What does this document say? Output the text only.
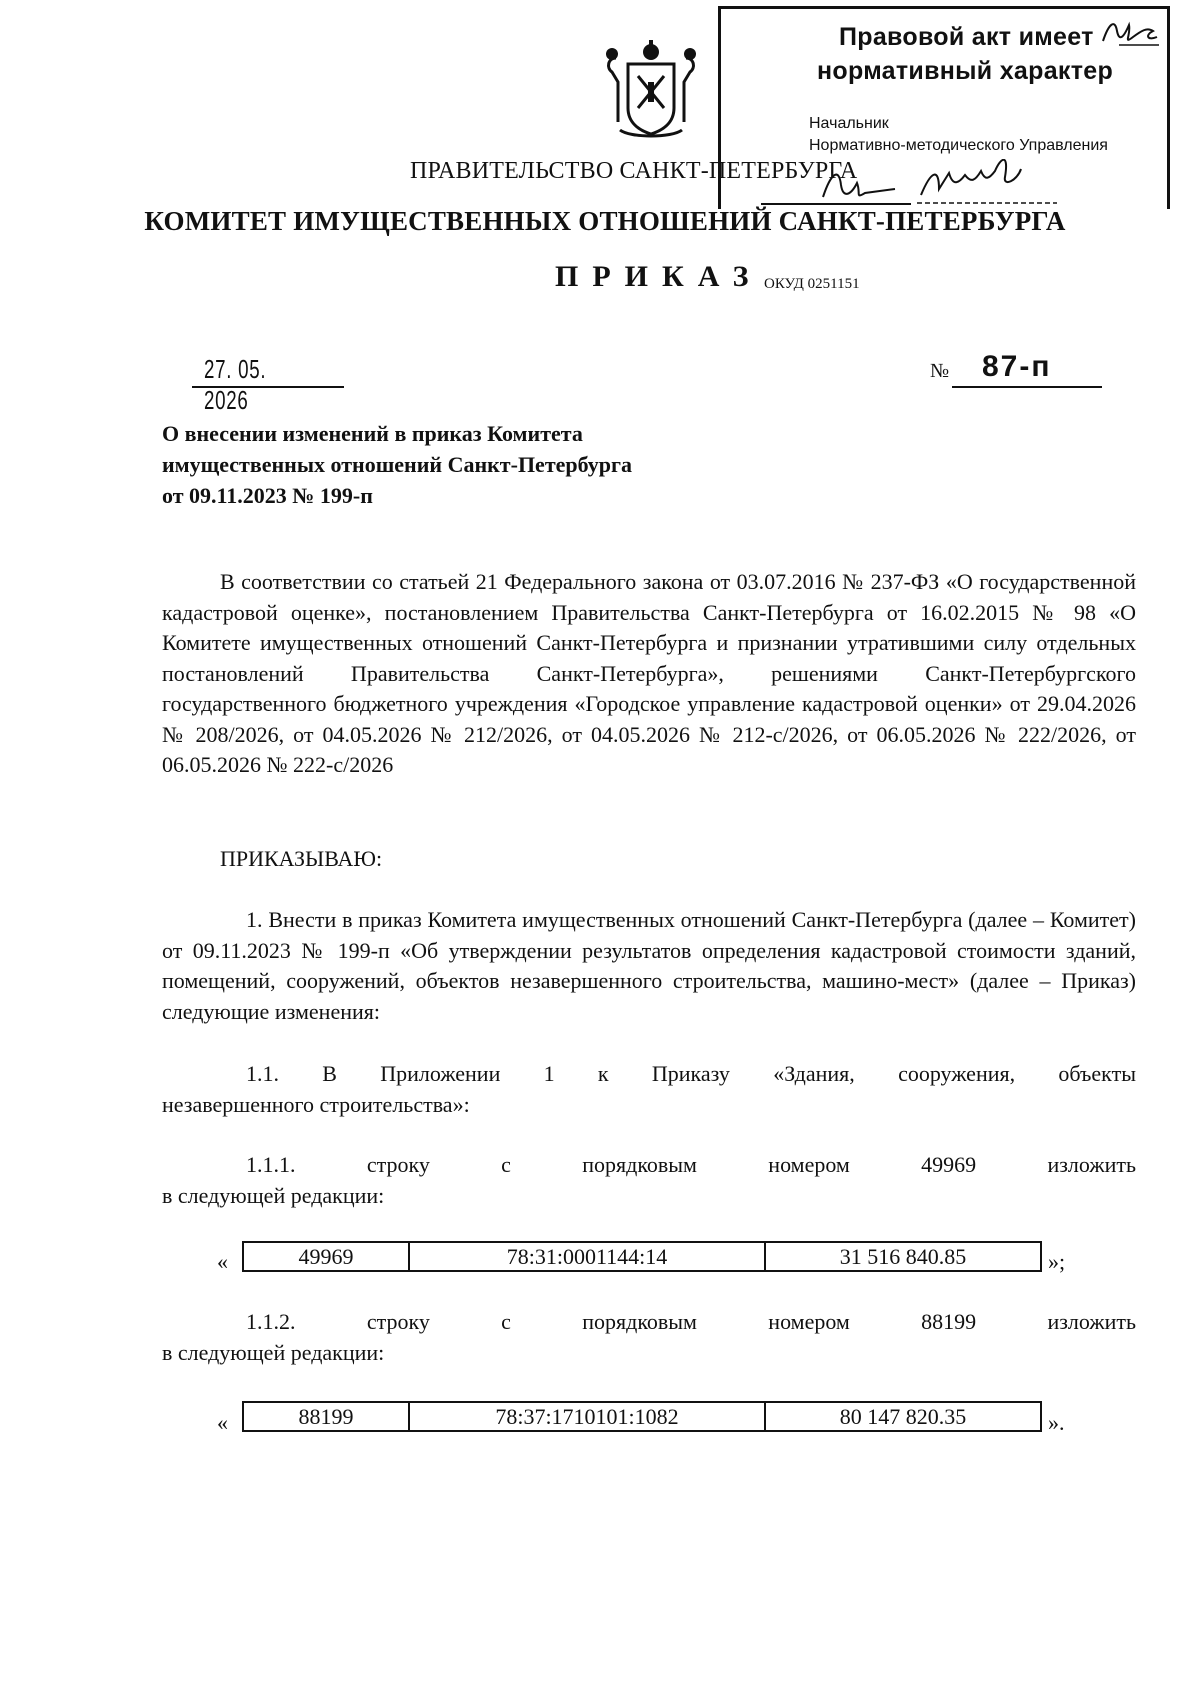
Правовой акт имеет
нормативный характер
Начальник
Нормативно-методического Управления
ПРАВИТЕЛЬСТВО САНКТ-ПЕТЕРБУРГА
КОМИТЕТ ИМУЩЕСТВЕННЫХ ОТНОШЕНИЙ САНКТ-ПЕТЕРБУРГА
ПРИКАЗ ОКУД 0251151
27. 05. 2026
№ 87-п
О внесении изменений в приказ Комитета
имущественных отношений Санкт-Петербурга
от 09.11.2023 № 199-п
В соответствии со статьей 21 Федерального закона от 03.07.2016 № 237-ФЗ «О государственной кадастровой оценке», постановлением Правительства Санкт-Петербурга от 16.02.2015 № 98 «О Комитете имущественных отношений Санкт-Петербурга и признании утратившими силу отдельных постановлений Правительства Санкт-Петербурга», решениями Санкт-Петербургского государственного бюджетного учреждения «Городское управление кадастровой оценки» от 29.04.2026 № 208/2026, от 04.05.2026 № 212/2026, от 04.05.2026 № 212-с/2026, от 06.05.2026 № 222/2026, от 06.05.2026 № 222-с/2026
ПРИКАЗЫВАЮ:
1. Внести в приказ Комитета имущественных отношений Санкт-Петербурга (далее – Комитет) от 09.11.2023 № 199-п «Об утверждении результатов определения кадастровой стоимости зданий, помещений, сооружений, объектов незавершенного строительства, машино-мест» (далее – Приказ) следующие изменения:
1.1. В Приложении 1 к Приказу «Здания, сооружения, объекты
незавершенного строительства»:
1.1.1.	строку	с	порядковым	номером	49969	изложить
в следующей редакции:
«	49969	78:31:0001144:14	31 516 840.85	»;
1.1.2.	строку	с	порядковым	номером	88199	изложить
в следующей редакции:
«	88199	78:37:1710101:1082	80 147 820.35	».
